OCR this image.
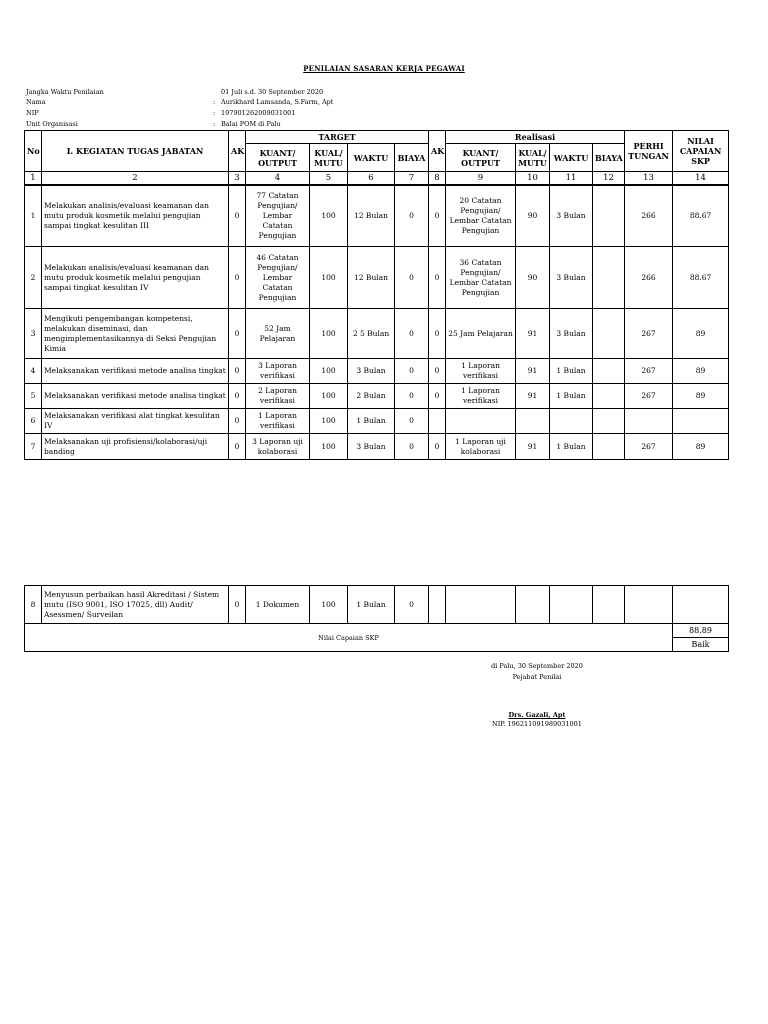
PENILAIAN SASARAN KERJA PEGAWAI
Jangka Waktu Penilaian	01 Juli s.d. 30 September 2020
Nama	: Aurikhard Lamsanda, S.Farm, Apt
NIP	: 197901262009031001
Unit Organisasi	: Balai POM di Palu
No	I. KEGIATAN TUGAS JABATAN	AK	TARGET				AK	Realisasi				PERHI TUNGAN	NILAI CAPAIAN SKP
			KUANT/ OUTPUT	KUAL/ MUTU	WAKTU	BIAYA		KUANT/ OUTPUT	KUAL/ MUTU	WAKTU	BIAYA		
1	2	3	4	5	6	7	8	9	10	11	12	13	14
1	Melakukan analisis/evaluasi keamanan dan mutu produk kosmetik melalui pengujian sampai tingkat kesulitan III	0	77 Catatan Pengujian/ Lembar Catatan Pengujian	100	12 Bulan	0	0	20 Catatan Pengujian/ Lembar Catatan Pengujian	90	3 Bulan		266	88.67
2	Melakukan analisis/evaluasi keamanan dan mutu produk kosmetik melalui pengujian sampai tingkat kesulitan IV	0	46 Catatan Pengujian/ Lembar Catatan Pengujian	100	12 Bulan	0	0	36 Catatan Pengujian/ Lembar Catatan Pengujian	90	3 Bulan		266	88.67
3	Mengikuti pengembangan kompetensi, melakukan diseminasi, dan mengimplementasikannya di Seksi Pengujian Kimia	0	52 Jam Pelajaran	100	2 5 Bulan	0	0	25 Jam Pelajaran	91	3 Bulan		267	89
4	Melaksanakan verifikasi metode analisa tingkat	0	3 Laporan verifikasi	100	3 Bulan	0	0	1 Laporan verifikasi	91	1 Bulan		267	89
5	Melaksanakan verifikasi metode analisa tingkat	0	2 Laporan verifikasi	100	2 Bulan	0	0	1 Laporan verifikasi	91	1 Bulan		267	89
6	Melaksanakan verifikasi alat tingkat kesulitan IV	0	1 Laporan verifikasi	100	1 Bulan	0							
7	Melaksanakan uji profisiensi/kolaborasi/uji banding	0	3 Laporan uji kolaborasi	100	3 Bulan	0	0	1 Laporan uji kolaborasi	91	1 Bulan		267	89
8	Menyusun perbaikan hasil Akreditasi / Sistem mutu (ISO 9001, ISO 17025, dll) Audit/ Asessmen/ Surveilan	0	1 Dokumen	100	1 Bulan	0							
Nilai Capaian SKP													88.89
													Baik
di Palu, 30 September 2020
Pejabat Penilai
Drs. Gazali, Apt
NIP. 196211091989031001
